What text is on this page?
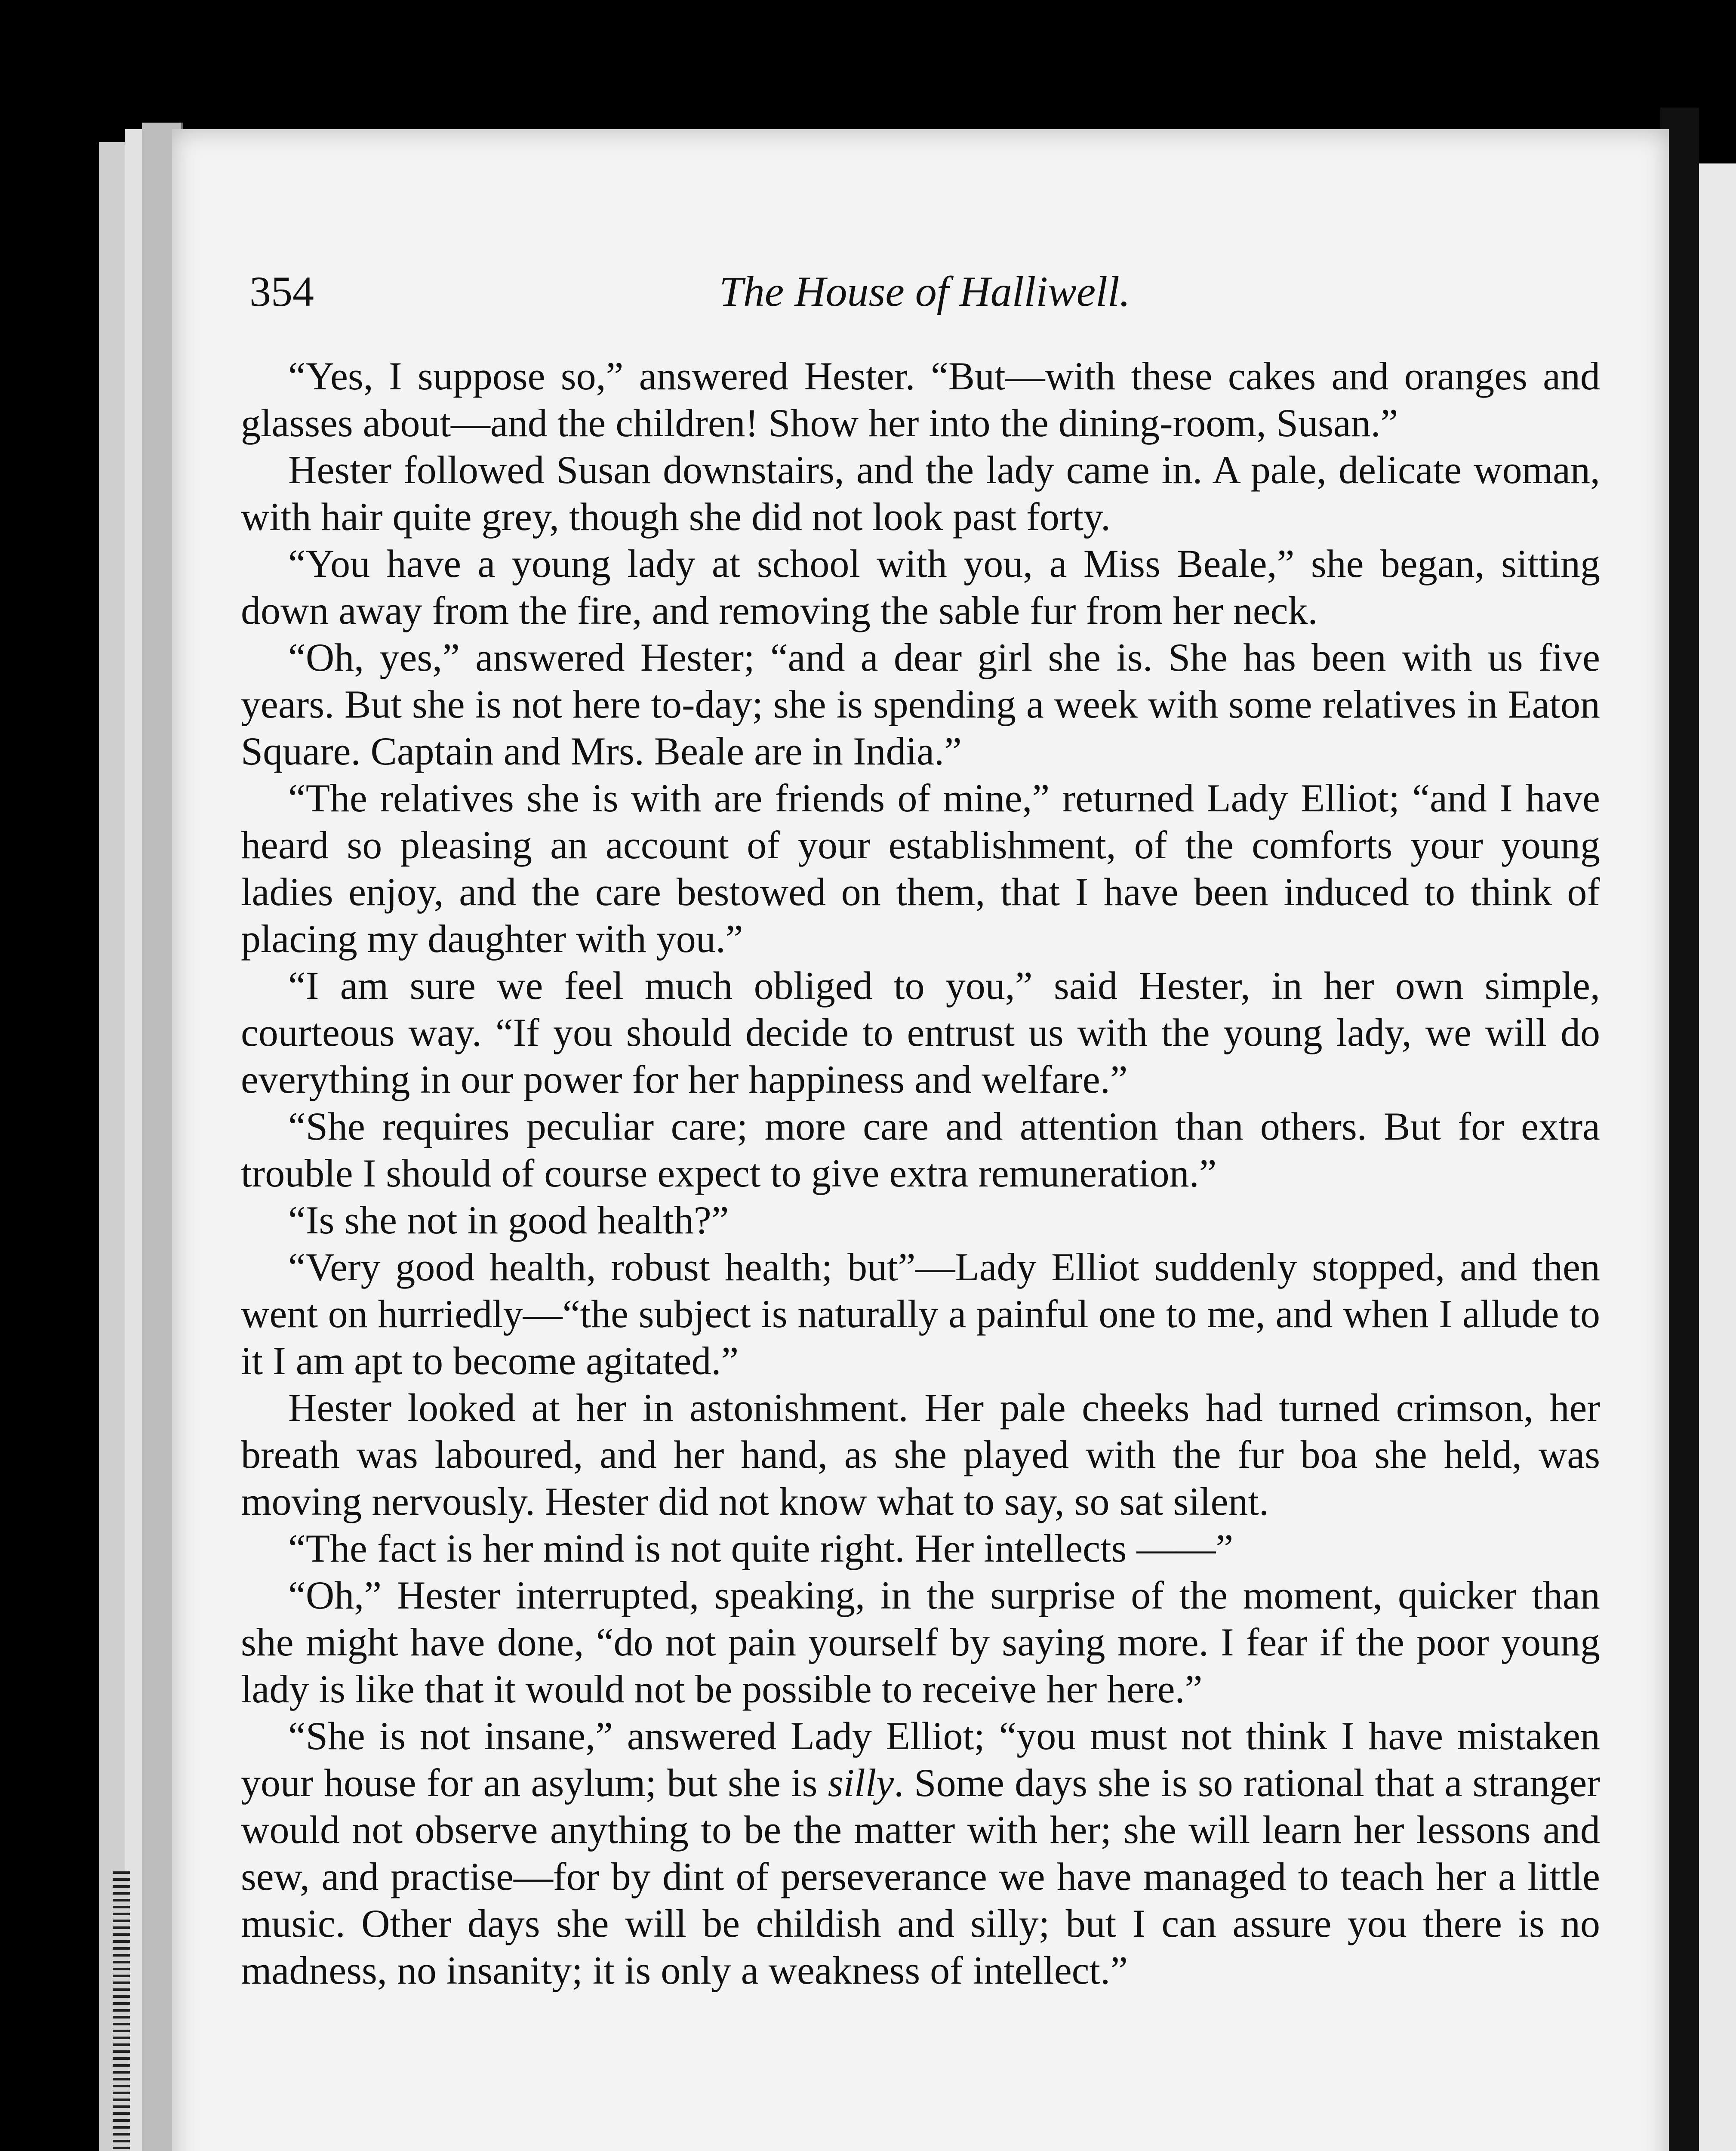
354	The House of Halliwell.

“Yes, I suppose so,” answered Hester. “But—with these cakes and oranges and glasses about—and the children! Show her into the dining-room, Susan.”

Hester followed Susan downstairs, and the lady came in. A pale, delicate woman, with hair quite grey, though she did not look past forty.

“You have a young lady at school with you, a Miss Beale,” she began, sitting down away from the fire, and removing the sable fur from her neck.

“Oh, yes,” answered Hester; “and a dear girl she is. She has been with us five years. But she is not here to-day; she is spending a week with some relatives in Eaton Square. Captain and Mrs. Beale are in India.”

“The relatives she is with are friends of mine,” returned Lady Elliot; “and I have heard so pleasing an account of your establishment, of the comforts your young ladies enjoy, and the care bestowed on them, that I have been induced to think of placing my daughter with you.”

“I am sure we feel much obliged to you,” said Hester, in her own simple, courteous way. “If you should decide to entrust us with the young lady, we will do everything in our power for her happiness and welfare.”

“She requires peculiar care; more care and attention than others. But for extra trouble I should of course expect to give extra remuneration.”

“Is she not in good health?”

“Very good health, robust health; but”—Lady Elliot suddenly stopped, and then went on hurriedly—“the subject is naturally a painful one to me, and when I allude to it I am apt to become agitated.”

Hester looked at her in astonishment. Her pale cheeks had turned crimson, her breath was laboured, and her hand, as she played with the fur boa she held, was moving nervously. Hester did not know what to say, so sat silent.

“The fact is her mind is not quite right. Her intellects ——”

“Oh,” Hester interrupted, speaking, in the surprise of the moment, quicker than she might have done, “do not pain yourself by saying more. I fear if the poor young lady is like that it would not be possible to receive her here.”

“She is not insane,” answered Lady Elliot; “you must not think I have mistaken your house for an asylum; but she is silly. Some days she is so rational that a stranger would not observe anything to be the matter with her; she will learn her lessons and sew, and practise—for by dint of perseverance we have managed to teach her a little music. Other days she will be childish and silly; but I can assure you there is no madness, no insanity; it is only a weakness of intellect.”
